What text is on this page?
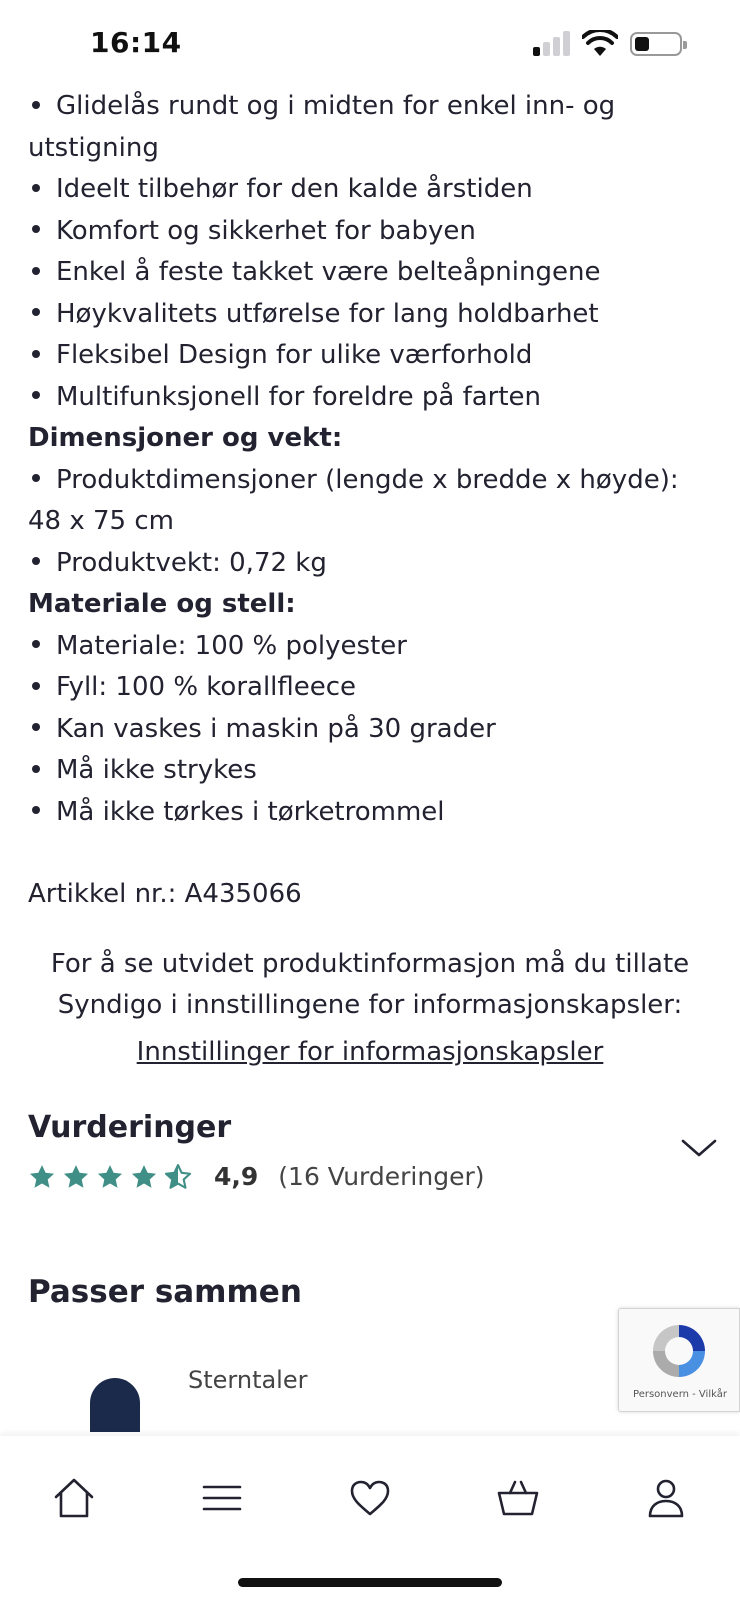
16:14
Glidelås rundt og i midten for enkel inn- og utstigning
Ideelt tilbehør for den kalde årstiden
Komfort og sikkerhet for babyen
Enkel å feste takket være belteåpningene
Høykvalitets utførelse for lang holdbarhet
Fleksibel Design for ulike værforhold
Multifunksjonell for foreldre på farten
Dimensjoner og vekt:
Produktdimensjoner (lengde x bredde x høyde): 48 x 75 cm
Produktvekt: 0,72 kg
Materiale og stell:
Materiale: 100 % polyester
Fyll: 100 % korallfleece
Kan vaskes i maskin på 30 grader
Må ikke strykes
Må ikke tørkes i tørketrommel
Artikkel nr.: A435066
For å se utvidet produktinformasjon må du tillate Syndigo i innstillingene for informasjonskapsler:
Innstillinger for informasjonskapsler
Vurderinger
4,9 (16 Vurderinger)
Passer sammen
Sterntaler
Personvern - Vilkår
